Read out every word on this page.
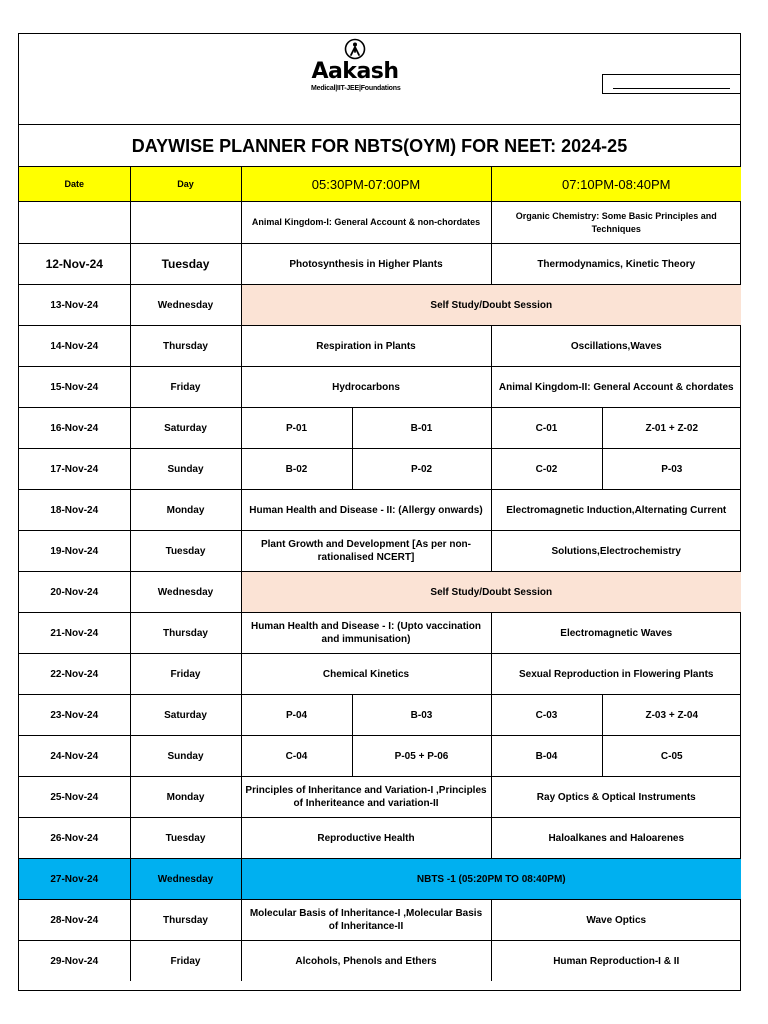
Aakash
Medical|IIT-JEE|Foundations
DAYWISE PLANNER FOR NBTS(OYM) FOR NEET: 2024-25
Date	Day	05:30PM-07:00PM		07:10PM-08:40PM	
		Animal Kingdom-I: General Account & non-chordates		Organic Chemistry: Some Basic Principles and Techniques	
12-Nov-24	Tuesday	Photosynthesis in Higher Plants		Thermodynamics, Kinetic Theory	
13-Nov-24	Wednesday	Self Study/Doubt Session			
14-Nov-24	Thursday	Respiration in Plants		Oscillations,Waves	
15-Nov-24	Friday	Hydrocarbons		Animal Kingdom-II: General Account & chordates	
16-Nov-24	Saturday	P-01	B-01	C-01	Z-01 + Z-02
17-Nov-24	Sunday	B-02	P-02	C-02	P-03
18-Nov-24	Monday	Human Health and Disease - II: (Allergy onwards)		Electromagnetic Induction,Alternating Current	
19-Nov-24	Tuesday	Plant Growth and Development [As per non-rationalised NCERT]		Solutions,Electrochemistry	
20-Nov-24	Wednesday	Self Study/Doubt Session			
21-Nov-24	Thursday	Human Health and Disease - I: (Upto vaccination and immunisation)		Electromagnetic Waves	
22-Nov-24	Friday	Chemical Kinetics		Sexual Reproduction in Flowering Plants	
23-Nov-24	Saturday	P-04	B-03	C-03	Z-03 + Z-04
24-Nov-24	Sunday	C-04	P-05 + P-06	B-04	C-05
25-Nov-24	Monday	Principles of Inheritance and Variation-I ,Principles of Inheriteance and variation-II		Ray Optics & Optical Instruments	
26-Nov-24	Tuesday	Reproductive Health		Haloalkanes and Haloarenes	
27-Nov-24	Wednesday	NBTS -1 (05:20PM TO 08:40PM)			
28-Nov-24	Thursday	Molecular Basis of Inheritance-I ,Molecular Basis of Inheritance-II		Wave Optics	
29-Nov-24	Friday	Alcohols, Phenols and Ethers		Human Reproduction-I & II	
